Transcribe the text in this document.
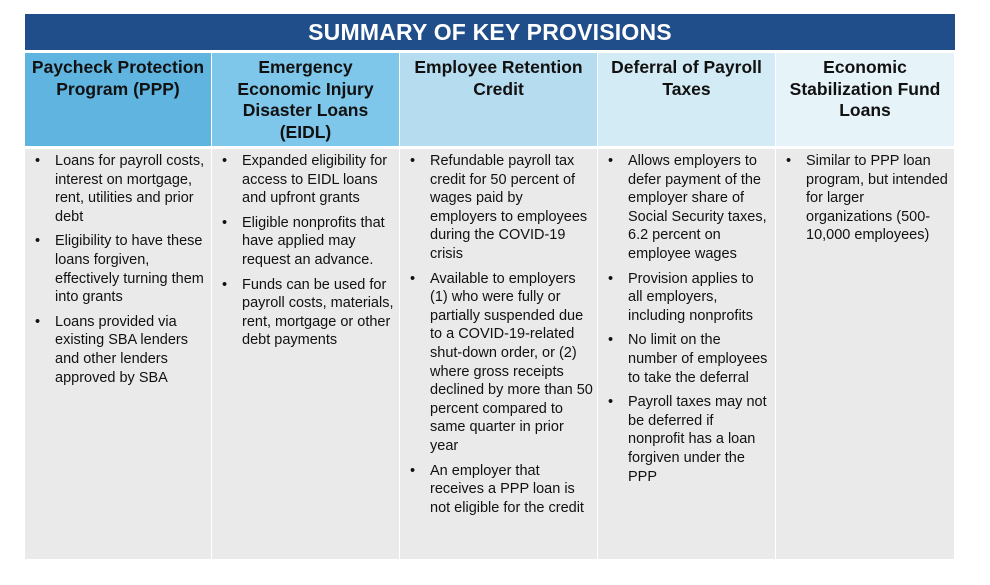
SUMMARY OF KEY PROVISIONS
Paycheck Protection Program (PPP)
Emergency Economic Injury Disaster Loans (EIDL)
Employee Retention Credit
Deferral of Payroll Taxes
Economic Stabilization Fund Loans
• Loans for payroll costs, interest on mortgage, rent, utilities and prior debt
• Eligibility to have these loans forgiven, effectively turning them into grants
• Loans provided via existing SBA lenders and other lenders approved by SBA
• Expanded eligibility for access to EIDL loans and upfront grants
• Eligible nonprofits that have applied may request an advance.
• Funds can be used for payroll costs, materials, rent, mortgage or other debt payments
• Refundable payroll tax credit for 50 percent of wages paid by employers to employees during the COVID-19 crisis
• Available to employers (1) who were fully or partially suspended due to a COVID-19-related shut-down order, or (2) where gross receipts declined by more than 50 percent compared to same quarter in prior year
• An employer that receives a PPP loan is not eligible for the credit
• Allows employers to defer payment of the employer share of Social Security taxes, 6.2 percent on employee wages
• Provision applies to all employers, including nonprofits
• No limit on the number of employees to take the deferral
• Payroll taxes may not be deferred if nonprofit has a loan forgiven under the PPP
• Similar to PPP loan program, but intended for larger organizations (500-10,000 employees)
